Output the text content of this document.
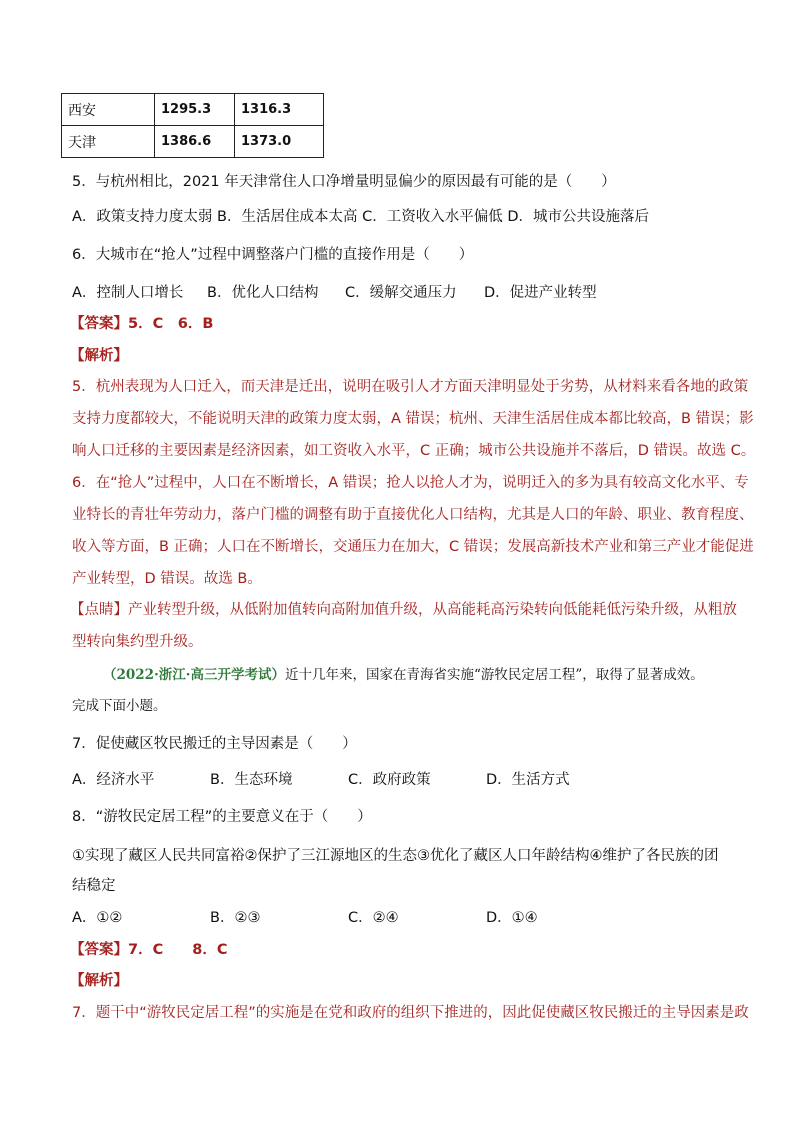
西安	1295.3	1316.3
天津	1386.6	1373.0
5．与杭州相比，2021 年天津常住人口净增量明显偏少的原因最有可能的是（　　）
A．政策支持力度太弱 B．生活居住成本太高 C．工资收入水平偏低 D．城市公共设施落后
6．大城市在“抢人”过程中调整落户门槛的直接作用是（　　）
A．控制人口增长 B．优化人口结构 C．缓解交通压力 D．促进产业转型
【答案】5．C　6．B
【解析】
5．杭州表现为人口迁入，而天津是迁出，说明在吸引人才方面天津明显处于劣势，从材料来看各地的政策
支持力度都较大，不能说明天津的政策力度太弱，A 错误；杭州、天津生活居住成本都比较高，B 错误；影
响人口迁移的主要因素是经济因素，如工资收入水平，C 正确；城市公共设施并不落后，D 错误。故选 C。
6．在“抢人”过程中，人口在不断增长，A 错误；抢人以抢人才为，说明迁入的多为具有较高文化水平、专
业特长的青壮年劳动力，落户门槛的调整有助于直接优化人口结构，尤其是人口的年龄、职业、教育程度、
收入等方面，B 正确；人口在不断增长，交通压力在加大，C 错误；发展高新技术产业和第三产业才能促进
产业转型，D 错误。故选 B。
【点睛】产业转型升级，从低附加值转向高附加值升级，从高能耗高污染转向低能耗低污染升级，从粗放
型转向集约型升级。
（2022·浙江·高三开学考试）近十几年来，国家在青海省实施“游牧民定居工程”，取得了显著成效。
完成下面小题。
7．促使藏区牧民搬迁的主导因素是（　　）
A．经济水平	B．生态环境	C．政府政策	D．生活方式
8．“游牧民定居工程”的主要意义在于（　　）
①实现了藏区人民共同富裕②保护了三江源地区的生态③优化了藏区人口年龄结构④维护了各民族的团
结稳定
A．①②	B．②③	C．②④	D．①④
【答案】7．C　　8．C
【解析】
7．题干中“游牧民定居工程”的实施是在党和政府的组织下推进的，因此促使藏区牧民搬迁的主导因素是政
